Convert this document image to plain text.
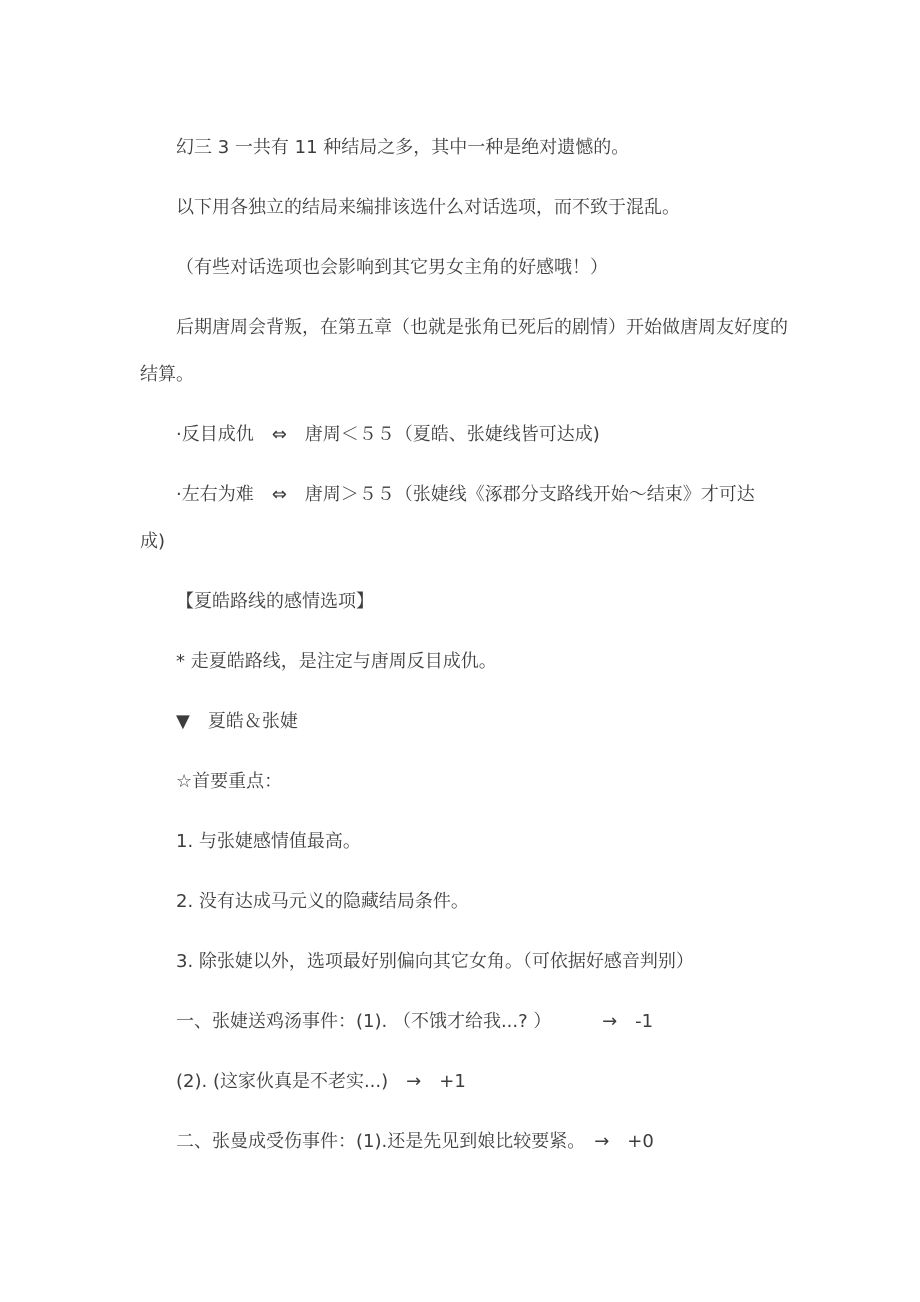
幻三 3 一共有 11 种结局之多，其中一种是绝对遗憾的。
以下用各独立的结局来编排该选什么对话选项，而不致于混乱。
（有些对话选项也会影响到其它男女主角的好感哦！）
后期唐周会背叛，在第五章（也就是张角已死后的剧情）开始做唐周友好度的
结算。
·反目成仇　⇔　唐周＜５５（夏皓、张婕线皆可达成)
·左右为难　⇔　唐周＞５５（张婕线《涿郡分支路线开始～结束》才可达
成)
【夏皓路线的感情选项】
* 走夏皓路线，是注定与唐周反目成仇。
▼　夏皓＆张婕
☆首要重点：
1. 与张婕感情值最高。
2. 没有达成马元义的隐藏结局条件。
3. 除张婕以外，选项最好别偏向其它女角。（可依据好感音判别）
一、张婕送鸡汤事件：(1). （不饿才给我...? ）　　　 →　-1
(2). (这家伙真是不老实...)　→　+1
二、张曼成受伤事件：(1).还是先见到娘比较要紧。　→　+0
